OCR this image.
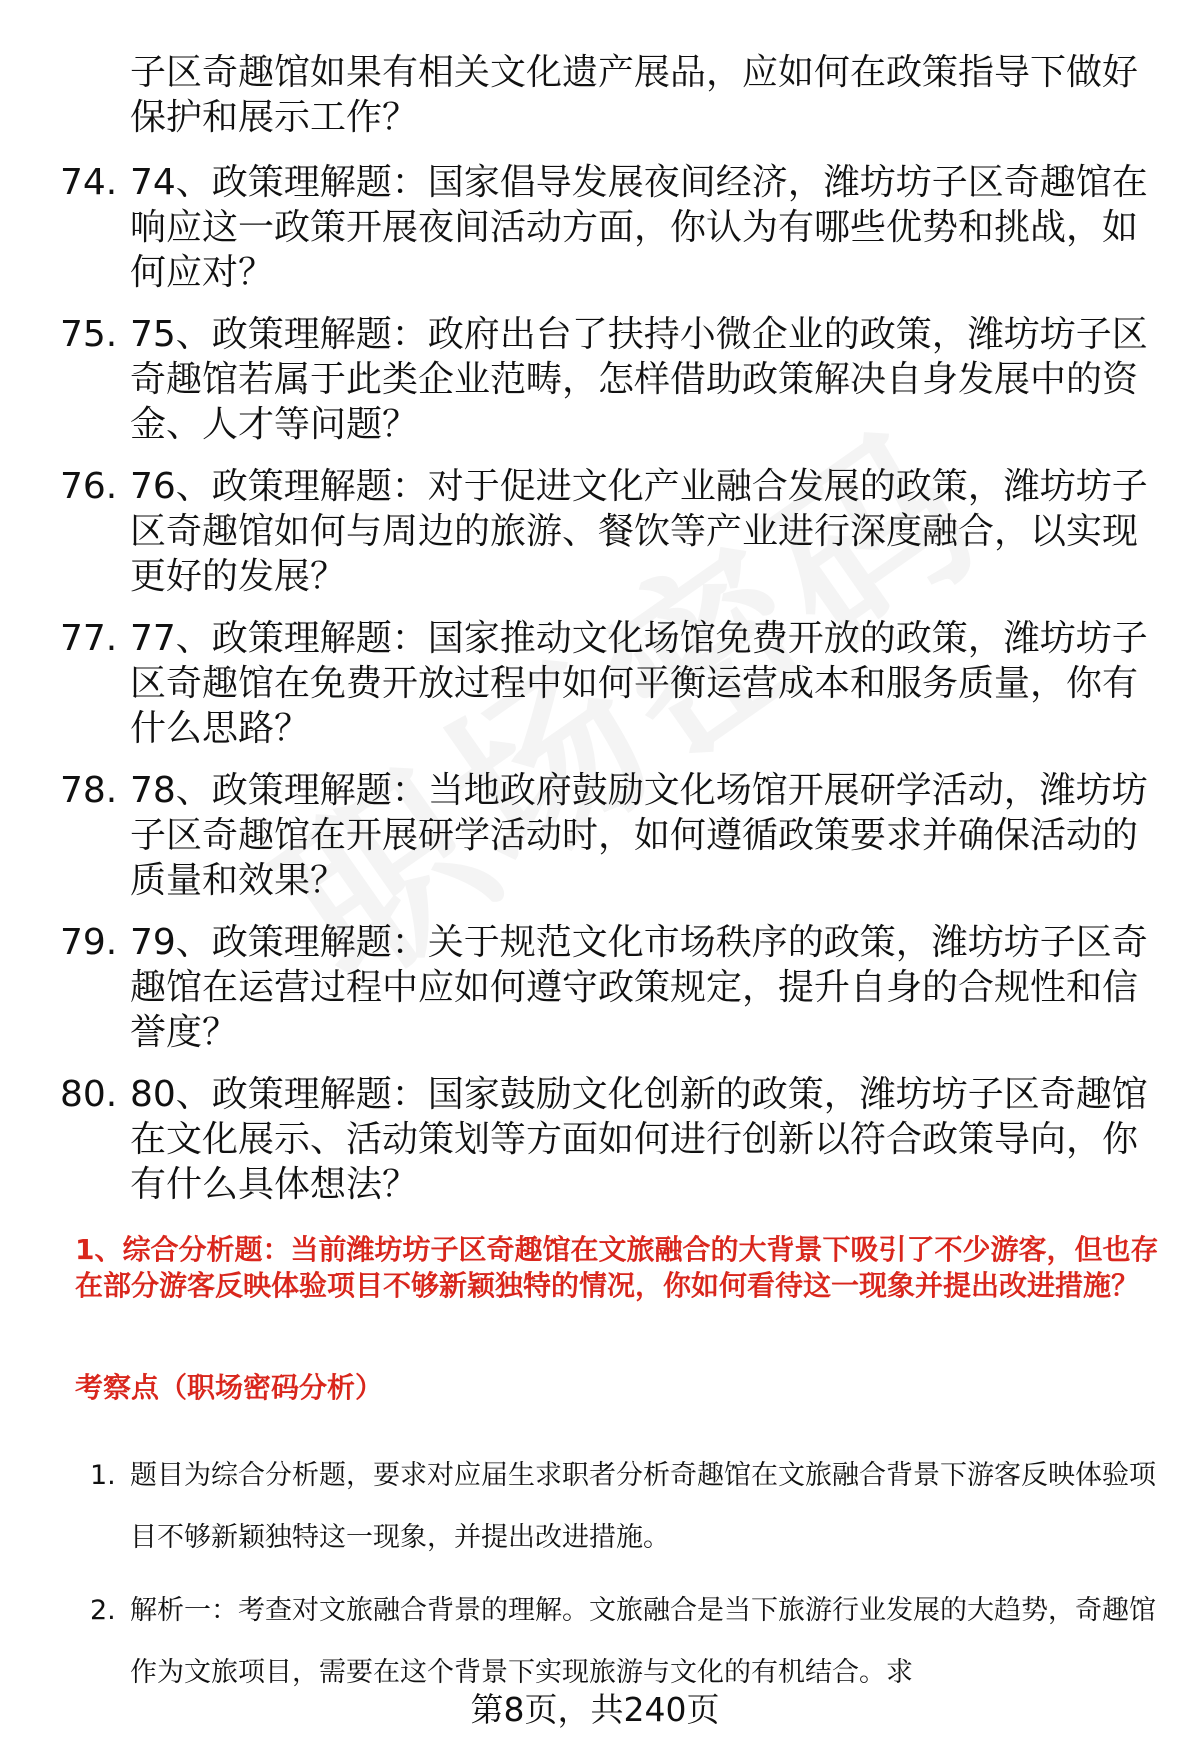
子区奇趣馆如果有相关文化遗产展品，应如何在政策指导下做好保护和展示工作？
74. 74、政策理解题：国家倡导发展夜间经济，潍坊坊子区奇趣馆在响应这一政策开展夜间活动方面，你认为有哪些优势和挑战，如何应对？
75. 75、政策理解题：政府出台了扶持小微企业的政策，潍坊坊子区奇趣馆若属于此类企业范畴，怎样借助政策解决自身发展中的资金、人才等问题？
76. 76、政策理解题：对于促进文化产业融合发展的政策，潍坊坊子区奇趣馆如何与周边的旅游、餐饮等产业进行深度融合，以实现更好的发展？
77. 77、政策理解题：国家推动文化场馆免费开放的政策，潍坊坊子区奇趣馆在免费开放过程中如何平衡运营成本和服务质量，你有什么思路？
78. 78、政策理解题：当地政府鼓励文化场馆开展研学活动，潍坊坊子区奇趣馆在开展研学活动时，如何遵循政策要求并确保活动的质量和效果？
79. 79、政策理解题：关于规范文化市场秩序的政策，潍坊坊子区奇趣馆在运营过程中应如何遵守政策规定，提升自身的合规性和信誉度？
80. 80、政策理解题：国家鼓励文化创新的政策，潍坊坊子区奇趣馆在文化展示、活动策划等方面如何进行创新以符合政策导向，你有什么具体想法？
1、综合分析题：当前潍坊坊子区奇趣馆在文旅融合的大背景下吸引了不少游客，但也存在部分游客反映体验项目不够新颖独特的情况，你如何看待这一现象并提出改进措施？
考察点（职场密码分析）
1. 题目为综合分析题，要求对应届生求职者分析奇趣馆在文旅融合背景下游客反映体验项目不够新颖独特这一现象，并提出改进措施。
2. 解析一：考查对文旅融合背景的理解。文旅融合是当下旅游行业发展的大趋势，奇趣馆作为文旅项目，需要在这个背景下实现旅游与文化的有机结合。求
第8页，共240页
